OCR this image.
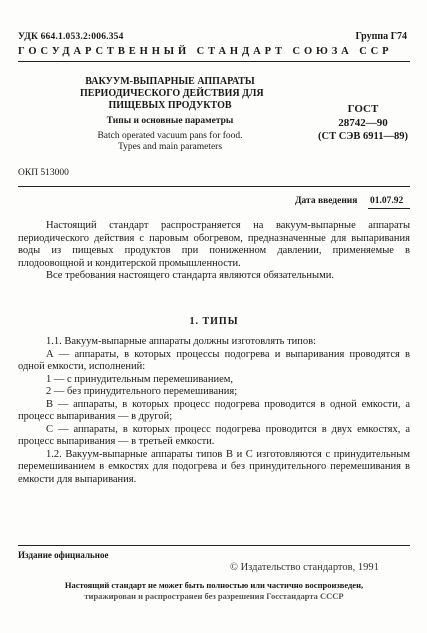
УДК 664.1.053.2:006.354	Группа Г74
ГОСУДАРСТВЕННЫЙ СТАНДАРТ СОЮЗА ССР
ВАКУУМ-ВЫПАРНЫЕ АППАРАТЫ
ПЕРИОДИЧЕСКОГО ДЕЙСТВИЯ ДЛЯ
ПИЩЕВЫХ ПРОДУКТОВ
Типы и основные параметры
Batch operated vacuum pans for food.
Types and main parameters
ГОСТ
28742—90
(СТ СЭВ 6911—89)
ОКП 513000
Дата введения 01.07.92

Настоящий стандарт распространяется на вакуум-выпарные аппараты периодического действия с паровым обогревом, предназначенные для выпаривания воды из пищевых продуктов при пониженном давлении, применяемые в плодоовощной и кондитерской промышленности.

Все требования настоящего стандарта являются обязательными.

1. ТИПЫ

1.1. Вакуум-выпарные аппараты должны изготовлять типов:

А — аппараты, в которых процессы подогрева и выпаривания проводятся в одной емкости, исполнений:

1 — с принудительным перемешиванием,

2 — без принудительного перемешивания;

В — аппараты, в которых процесс подогрева проводится в одной емкости, а процесс выпаривания — в другой;

С — аппараты, в которых процесс подогрева проводится в двух емкостях, а процесс выпаривания — в третьей емкости.

1.2. Вакуум-выпарные аппараты типов В и С изготовляются с принудительным перемешиванием в емкостях для подогрева и без принудительного перемешивания в емкости для выпаривания.

Издание официальное
© Издательство стандартов, 1991
Настоящий стандарт не может быть полностью или частично воспроизведен,
тиражирован и распространен без разрешения Госстандарта СССР
